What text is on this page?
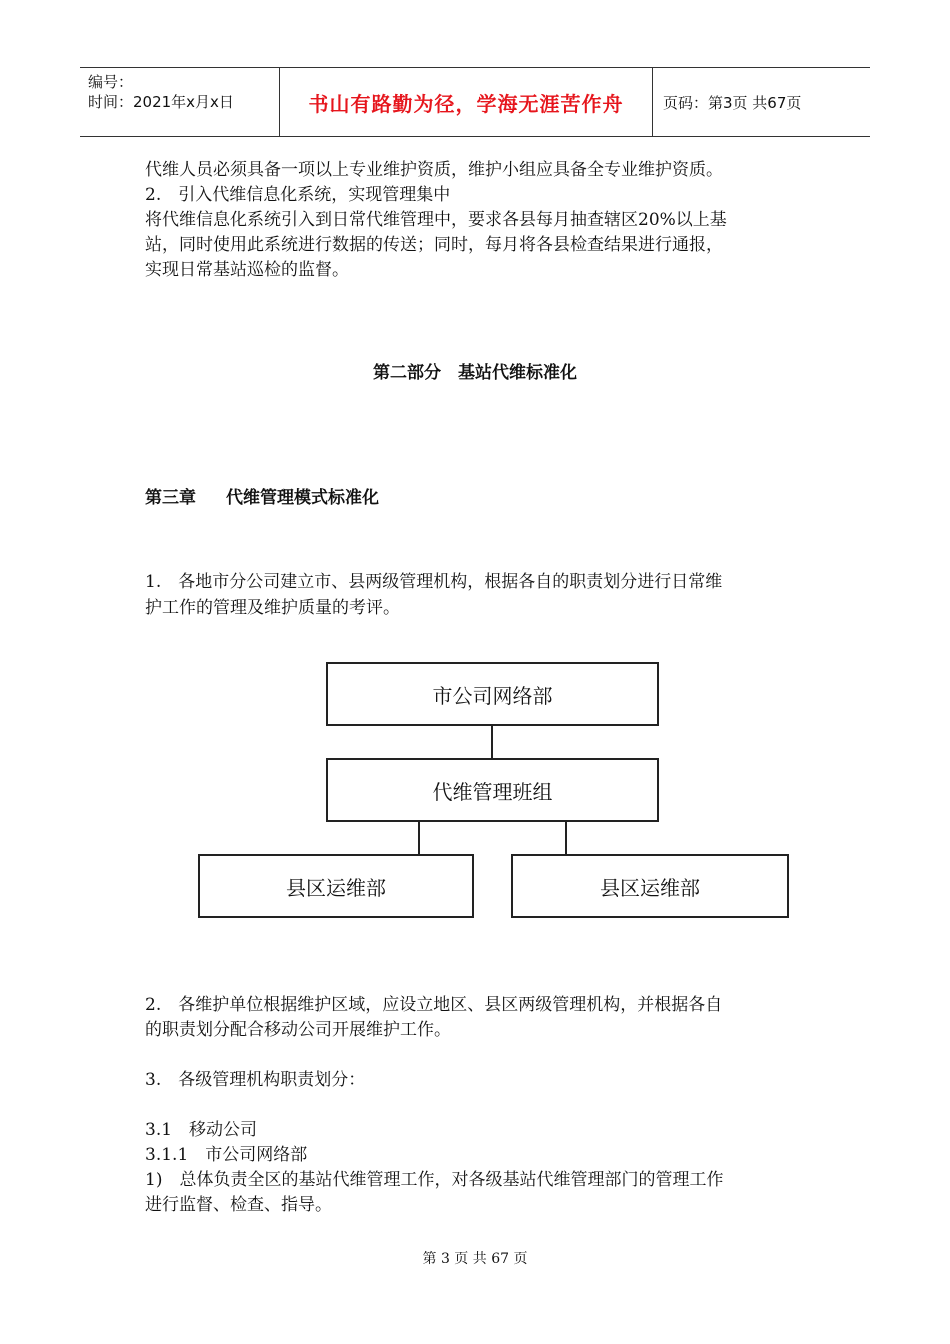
编号：
时间：2021年x月x日	书山有路勤为径，学海无涯苦作舟	页码：第3页 共67页

代维人员必须具备一项以上专业维护资质，维护小组应具备全专业维护资质。

2.　引入代维信息化系统，实现管理集中

将代维信息化系统引入到日常代维管理中，要求各县每月抽查辖区20%以上基

站，同时使用此系统进行数据的传送；同时，每月将各县检查结果进行通报，

实现日常基站巡检的监督。

第二部分　基站代维标准化
第三章 代维管理模式标准化

1.　各地市分公司建立市、县两级管理机构，根据各自的职责划分进行日常维

护工作的管理及维护质量的考评。

市公司网络部
代维管理班组
县区运维部	县区运维部

2.　各维护单位根据维护区域，应设立地区、县区两级管理机构，并根据各自

的职责划分配合移动公司开展维护工作。

3.　各级管理机构职责划分：

3.1　移动公司

3.1.1　市公司网络部

1)　总体负责全区的基站代维管理工作，对各级基站代维管理部门的管理工作

进行监督、检查、指导。

第 3 页 共 67 页
